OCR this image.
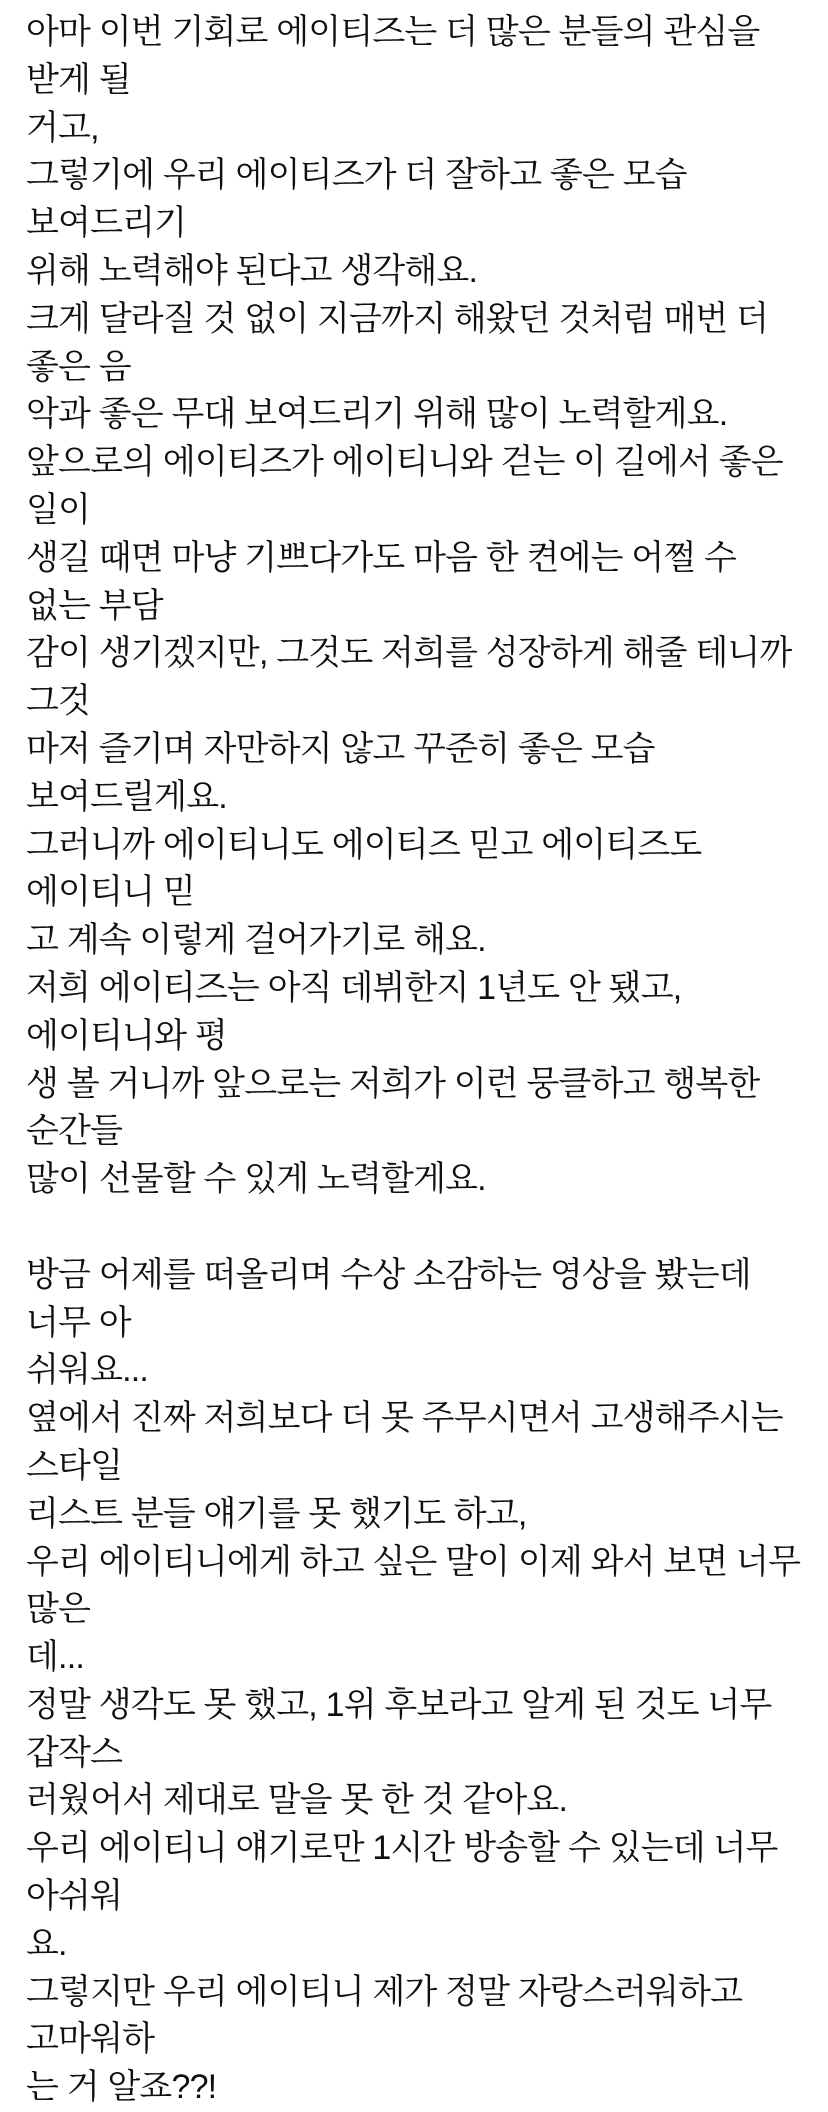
아마 이번 기회로 에이티즈는 더 많은 분들의 관심을 받게 될
거고,
그렇기에 우리 에이티즈가 더 잘하고 좋은 모습 보여드리기
위해 노력해야 된다고 생각해요.
크게 달라질 것 없이 지금까지 해왔던 것처럼 매번 더 좋은 음
악과 좋은 무대 보여드리기 위해 많이 노력할게요.
앞으로의 에이티즈가 에이티니와 걷는 이 길에서 좋은 일이
생길 때면 마냥 기쁘다가도 마음 한 켠에는 어쩔 수 없는 부담
감이 생기겠지만, 그것도 저희를 성장하게 해줄 테니까 그것
마저 즐기며 자만하지 않고 꾸준히 좋은 모습 보여드릴게요.
그러니까 에이티니도 에이티즈 믿고 에이티즈도 에이티니 믿
고 계속 이렇게 걸어가기로 해요.
저희 에이티즈는 아직 데뷔한지 1년도 안 됐고, 에이티니와 평
생 볼 거니까 앞으로는 저희가 이런 뭉클하고 행복한 순간들
많이 선물할 수 있게 노력할게요.

방금 어제를 떠올리며 수상 소감하는 영상을 봤는데 너무 아
쉬워요...
옆에서 진짜 저희보다 더 못 주무시면서 고생해주시는 스타일
리스트 분들 얘기를 못 했기도 하고,
우리 에이티니에게 하고 싶은 말이 이제 와서 보면 너무 많은
데...
정말 생각도 못 했고, 1위 후보라고 알게 된 것도 너무 갑작스
러웠어서 제대로 말을 못 한 것 같아요.
우리 에이티니 얘기로만 1시간 방송할 수 있는데 너무 아쉬워
요.
그렇지만 우리 에이티니 제가 정말 자랑스러워하고 고마워하
는 거 알죠??!
